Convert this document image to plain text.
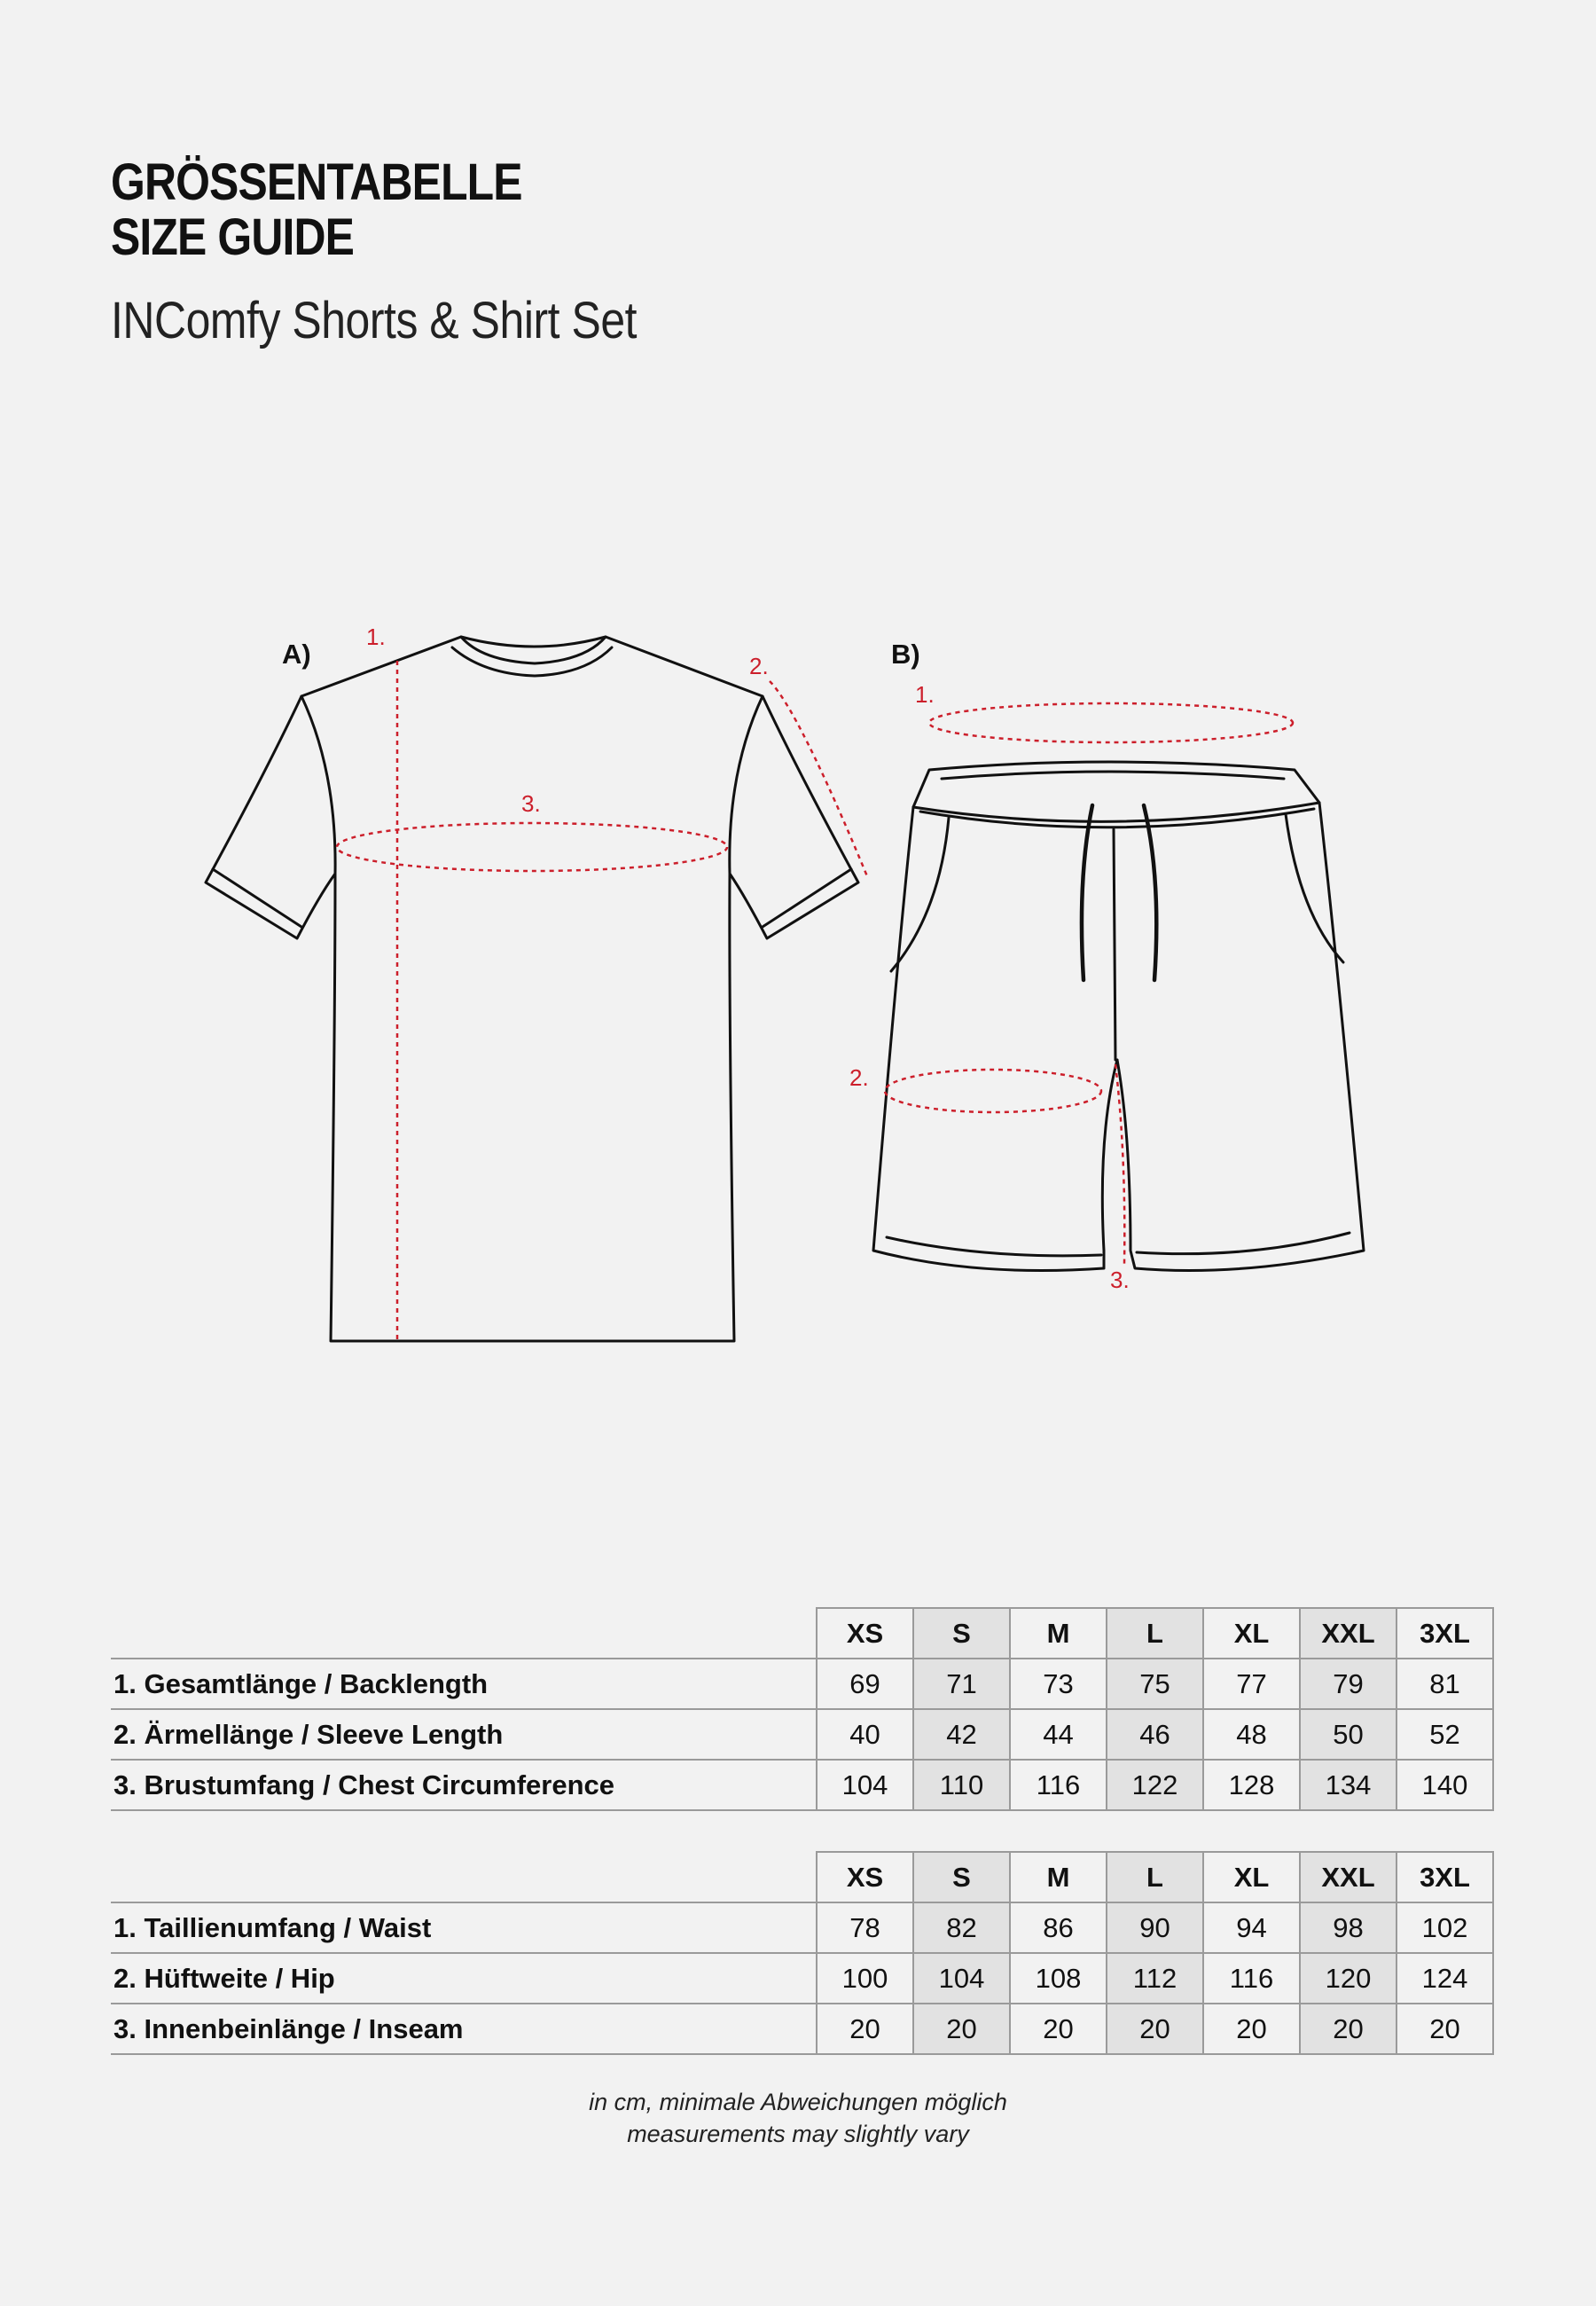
GRÖSSENTABELLE
SIZE GUIDE
INComfy Shorts & Shirt Set
A)
1.
2.
3.
B)
1.
2.
3.
	XS	S	M	L	XL	XXL	3XL
1. Gesamtlänge / Backlength	69	71	73	75	77	79	81
2. Ärmellänge / Sleeve Length	40	42	44	46	48	50	52
3. Brustumfang / Chest Circumference	104	110	116	122	128	134	140
	XS	S	M	L	XL	XXL	3XL
1. Taillienumfang / Waist	78	82	86	90	94	98	102
2. Hüftweite / Hip	100	104	108	112	116	120	124
3. Innenbeinlänge / Inseam	20	20	20	20	20	20	20
in cm, minimale Abweichungen möglich
measurements may slightly vary
